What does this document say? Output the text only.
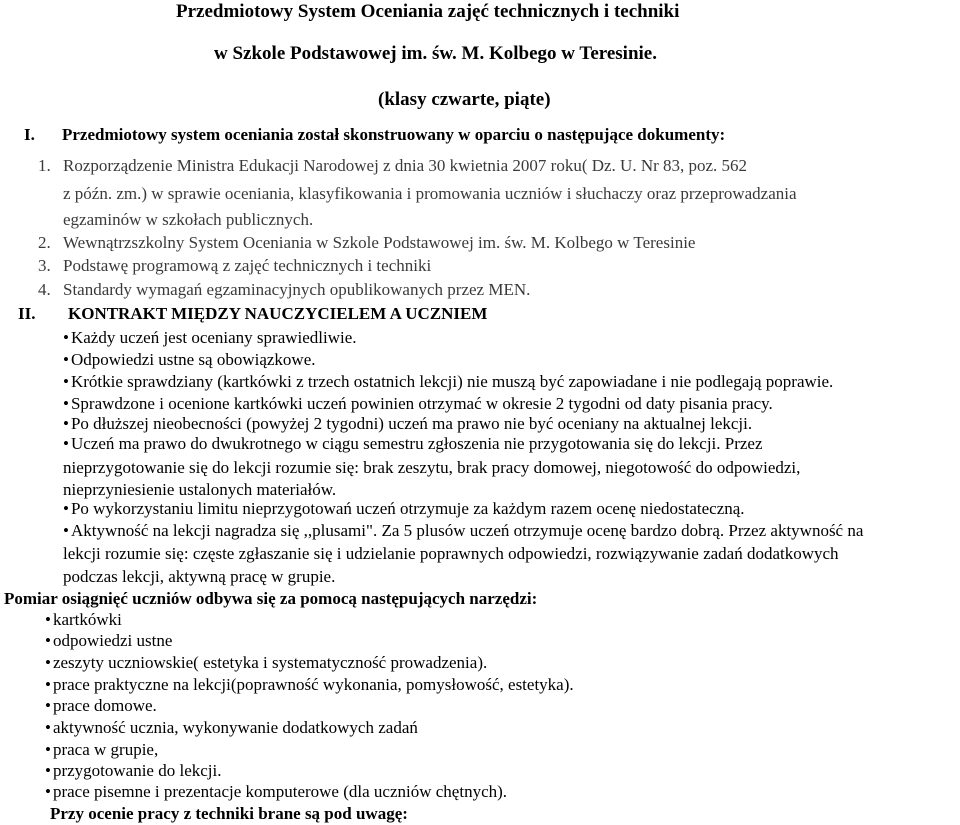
Przedmiotowy System Oceniania zajęć technicznych i techniki
w Szkole Podstawowej im. św. M. Kolbego w Teresinie.
(klasy czwarte, piąte)
I. Przedmiotowy system oceniania został skonstruowany w oparciu o następujące dokumenty:
1. Rozporządzenie Ministra Edukacji Narodowej z dnia 30 kwietnia 2007 roku( Dz. U. Nr 83, poz. 562
z późn. zm.) w sprawie oceniania, klasyfikowania i promowania uczniów i słuchaczy oraz przeprowadzania
egzaminów w szkołach publicznych.
2. Wewnątrzszkolny System Oceniania w Szkole Podstawowej im. św. M. Kolbego w Teresinie
3. Podstawę programową z zajęć technicznych i techniki
4. Standardy wymagań egzaminacyjnych opublikowanych przez MEN.
II. KONTRAKT MIĘDZY NAUCZYCIELEM A UCZNIEM
• Każdy uczeń jest oceniany sprawiedliwie.
• Odpowiedzi ustne są obowiązkowe.
• Krótkie sprawdziany (kartkówki z trzech ostatnich lekcji) nie muszą być zapowiadane i nie podlegają poprawie.
• Sprawdzone i ocenione kartkówki uczeń powinien otrzymać w okresie 2 tygodni od daty pisania pracy.
• Po dłuższej nieobecności (powyżej 2 tygodni) uczeń ma prawo nie być oceniany na aktualnej lekcji.
• Uczeń ma prawo do dwukrotnego w ciągu semestru zgłoszenia nie przygotowania się do lekcji. Przez
nieprzygotowanie się do lekcji rozumie się: brak zeszytu, brak pracy domowej, niegotowość do odpowiedzi,
nieprzyniesienie ustalonych materiałów.
• Po wykorzystaniu limitu nieprzygotowań uczeń otrzymuje za każdym razem ocenę niedostateczną.
• Aktywność na lekcji nagradza się ,,plusami". Za 5 plusów uczeń otrzymuje ocenę bardzo dobrą. Przez aktywność na
lekcji rozumie się: częste zgłaszanie się i udzielanie poprawnych odpowiedzi, rozwiązywanie zadań dodatkowych
podczas lekcji, aktywną pracę w grupie.
Pomiar osiągnięć uczniów odbywa się za pomocą następujących narzędzi:
• kartkówki
• odpowiedzi ustne
• zeszyty uczniowskie( estetyka i systematyczność prowadzenia).
• prace praktyczne na lekcji(poprawność wykonania, pomysłowość, estetyka).
• prace domowe.
• aktywność ucznia, wykonywanie dodatkowych zadań
• praca w grupie,
• przygotowanie do lekcji.
• prace pisemne i prezentacje komputerowe (dla uczniów chętnych).
Przy ocenie pracy z techniki brane są pod uwagę:
